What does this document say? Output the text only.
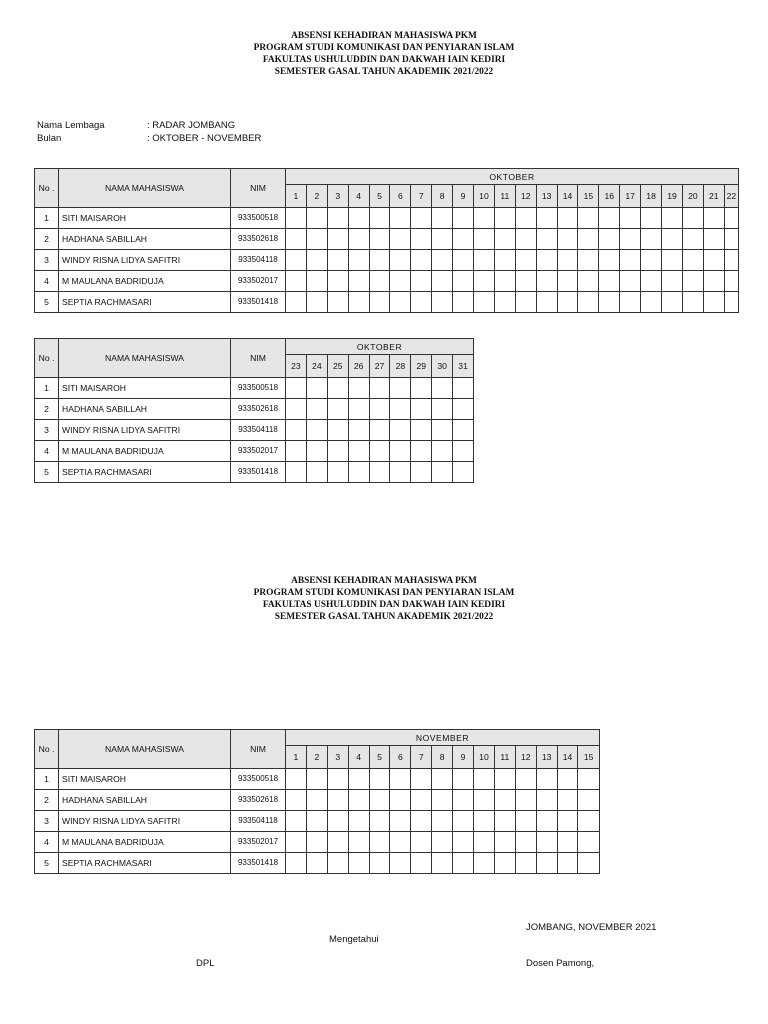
ABSENSI KEHADIRAN MAHASISWA PKM
PROGRAM STUDI KOMUNIKASI DAN PENYIARAN ISLAM
FAKULTAS USHULUDDIN DAN DAKWAH IAIN KEDIRI
SEMESTER GASAL TAHUN AKADEMIK 2021/2022
Nama Lembaga	: RADAR JOMBANG
Bulan	: OKTOBER - NOVEMBER
No .	NAMA MAHASISWA	NIM	OKTOBER																					
			1	2	3	4	5	6	7	8	9	10	11	12	13	14	15	16	17	18	19	20	21	22
1	SITI MAISAROH	933500518																						
2	HADHANA SABILLAH	933502618																						
3	WINDY RISNA LIDYA SAFITRI	933504118																						
4	M MAULANA BADRIDUJA	933502017																						
5	SEPTIA RACHMASARI	933501418																						
No .	NAMA MAHASISWA	NIM	OKTOBER								
			23	24	25	26	27	28	29	30	31
1	SITI MAISAROH	933500518									
2	HADHANA SABILLAH	933502618									
3	WINDY RISNA LIDYA SAFITRI	933504118									
4	M MAULANA BADRIDUJA	933502017									
5	SEPTIA RACHMASARI	933501418									
ABSENSI KEHADIRAN MAHASISWA PKM
PROGRAM STUDI KOMUNIKASI DAN PENYIARAN ISLAM
FAKULTAS USHULUDDIN DAN DAKWAH IAIN KEDIRI
SEMESTER GASAL TAHUN AKADEMIK 2021/2022
No .	NAMA MAHASISWA	NIM	NOVEMBER														
			1	2	3	4	5	6	7	8	9	10	11	12	13	14	15
1	SITI MAISAROH	933500518															
2	HADHANA SABILLAH	933502618															
3	WINDY RISNA LIDYA SAFITRI	933504118															
4	M MAULANA BADRIDUJA	933502017															
5	SEPTIA RACHMASARI	933501418															
JOMBANG, NOVEMBER 2021
Mengetahui
DPL	Dosen Pamong,
